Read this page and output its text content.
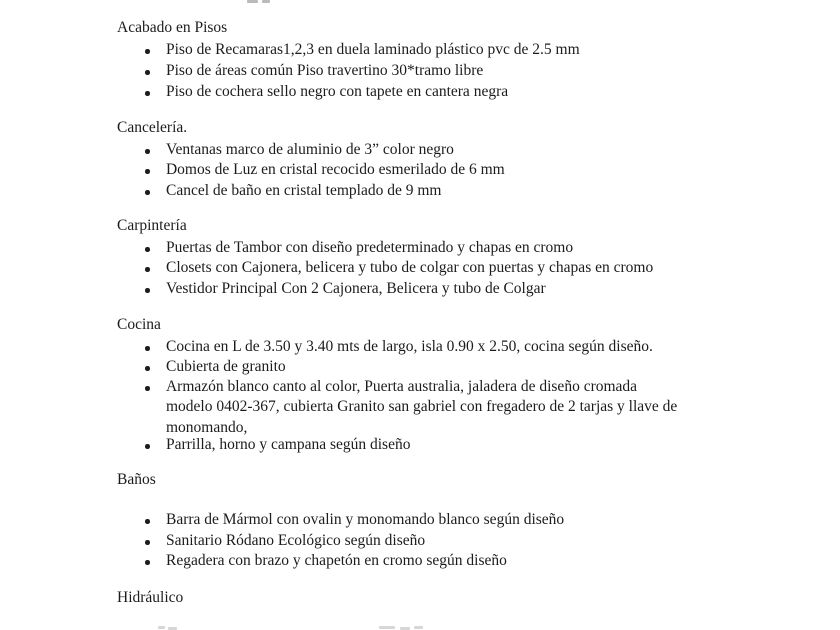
Acabado en Pisos
Piso de Recamaras1,2,3 en duela laminado plástico pvc de 2.5 mm
Piso de áreas común Piso travertino 30*tramo libre
Piso de cochera sello negro con tapete en cantera negra
Cancelería.
Ventanas marco de aluminio de 3” color negro
Domos de Luz en cristal recocido esmerilado de 6 mm
Cancel de baño en cristal templado de 9 mm
Carpintería
Puertas de Tambor con diseño predeterminado y chapas en cromo
Closets con Cajonera, belicera y tubo de colgar con puertas y chapas en cromo
Vestidor Principal Con 2 Cajonera, Belicera y tubo de Colgar
Cocina
Cocina en L de 3.50 y 3.40 mts de largo, isla 0.90 x 2.50, cocina según diseño.
Cubierta de granito
Armazón blanco canto al color, Puerta australia, jaladera de diseño cromada
modelo 0402-367, cubierta Granito san gabriel con fregadero de 2 tarjas y llave de
monomando,
Parrilla, horno y campana según diseño
Baños
Barra de Mármol con ovalin y monomando blanco según diseño
Sanitario Ródano Ecológico según diseño
Regadera con brazo y chapetón en cromo según diseño
Hidráulico
